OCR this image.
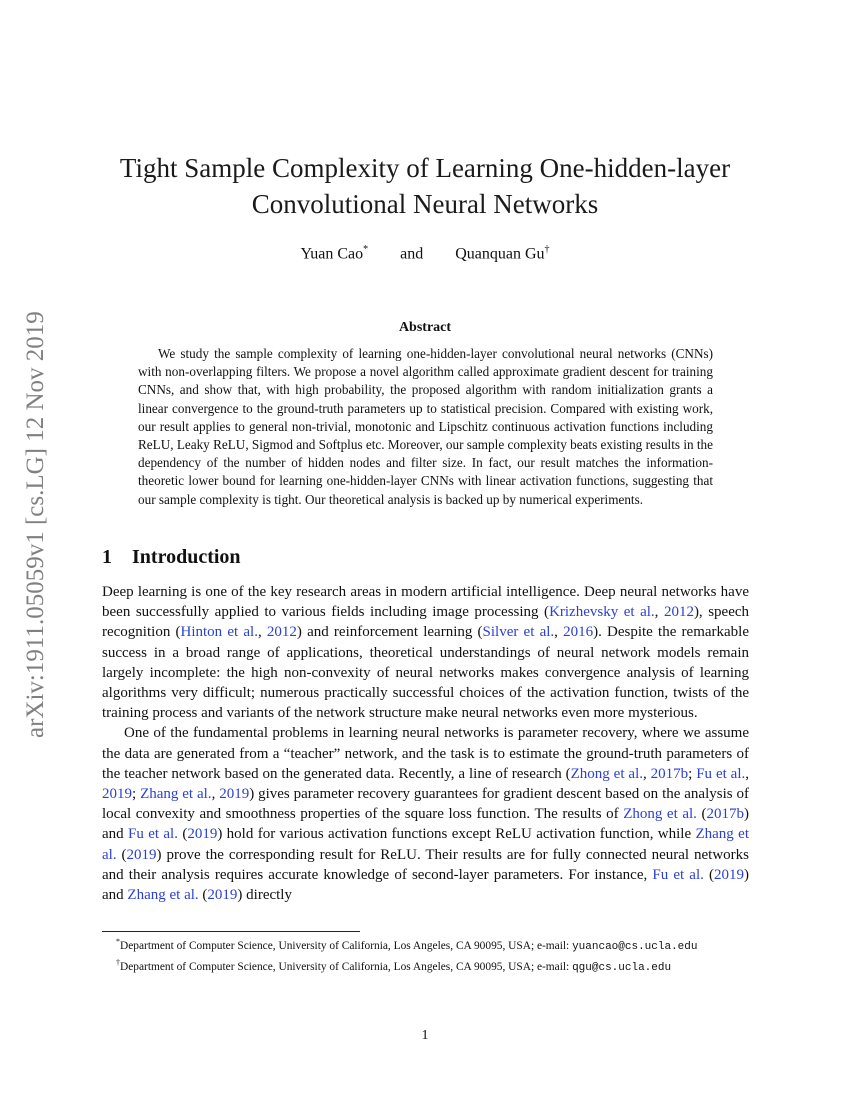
arXiv:1911.05059v1 [cs.LG] 12 Nov 2019
Tight Sample Complexity of Learning One-hidden-layer
Convolutional Neural Networks
Yuan Cao* and Quanquan Gu†
Abstract

We study the sample complexity of learning one-hidden-layer convolutional neural networks (CNNs) with non-overlapping filters. We propose a novel algorithm called approximate gradient descent for training CNNs, and show that, with high probability, the proposed algorithm with random initialization grants a linear convergence to the ground-truth parameters up to statistical precision. Compared with existing work, our result applies to general non-trivial, monotonic and Lipschitz continuous activation functions including ReLU, Leaky ReLU, Sigmod and Softplus etc. Moreover, our sample complexity beats existing results in the dependency of the number of hidden nodes and filter size. In fact, our result matches the information-theoretic lower bound for learning one-hidden-layer CNNs with linear activation functions, suggesting that our sample complexity is tight. Our theoretical analysis is backed up by numerical experiments.

1 Introduction

Deep learning is one of the key research areas in modern artificial intelligence. Deep neural networks have been successfully applied to various fields including image processing (Krizhevsky et al., 2012), speech recognition (Hinton et al., 2012) and reinforcement learning (Silver et al., 2016). Despite the remarkable success in a broad range of applications, theoretical understandings of neural network models remain largely incomplete: the high non-convexity of neural networks makes convergence analysis of learning algorithms very difficult; numerous practically successful choices of the activation function, twists of the training process and variants of the network structure make neural networks even more mysterious.

One of the fundamental problems in learning neural networks is parameter recovery, where we assume the data are generated from a “teacher” network, and the task is to estimate the ground-truth parameters of the teacher network based on the generated data. Recently, a line of research (Zhong et al., 2017b; Fu et al., 2019; Zhang et al., 2019) gives parameter recovery guarantees for gradient descent based on the analysis of local convexity and smoothness properties of the square loss function. The results of Zhong et al. (2017b) and Fu et al. (2019) hold for various activation functions except ReLU activation function, while Zhang et al. (2019) prove the corresponding result for ReLU. Their results are for fully connected neural networks and their analysis requires accurate knowledge of second-layer parameters. For instance, Fu et al. (2019) and Zhang et al. (2019) directly

*Department of Computer Science, University of California, Los Angeles, CA 90095, USA; e-mail: yuancao@cs.ucla.edu

†Department of Computer Science, University of California, Los Angeles, CA 90095, USA; e-mail: qgu@cs.ucla.edu

1
